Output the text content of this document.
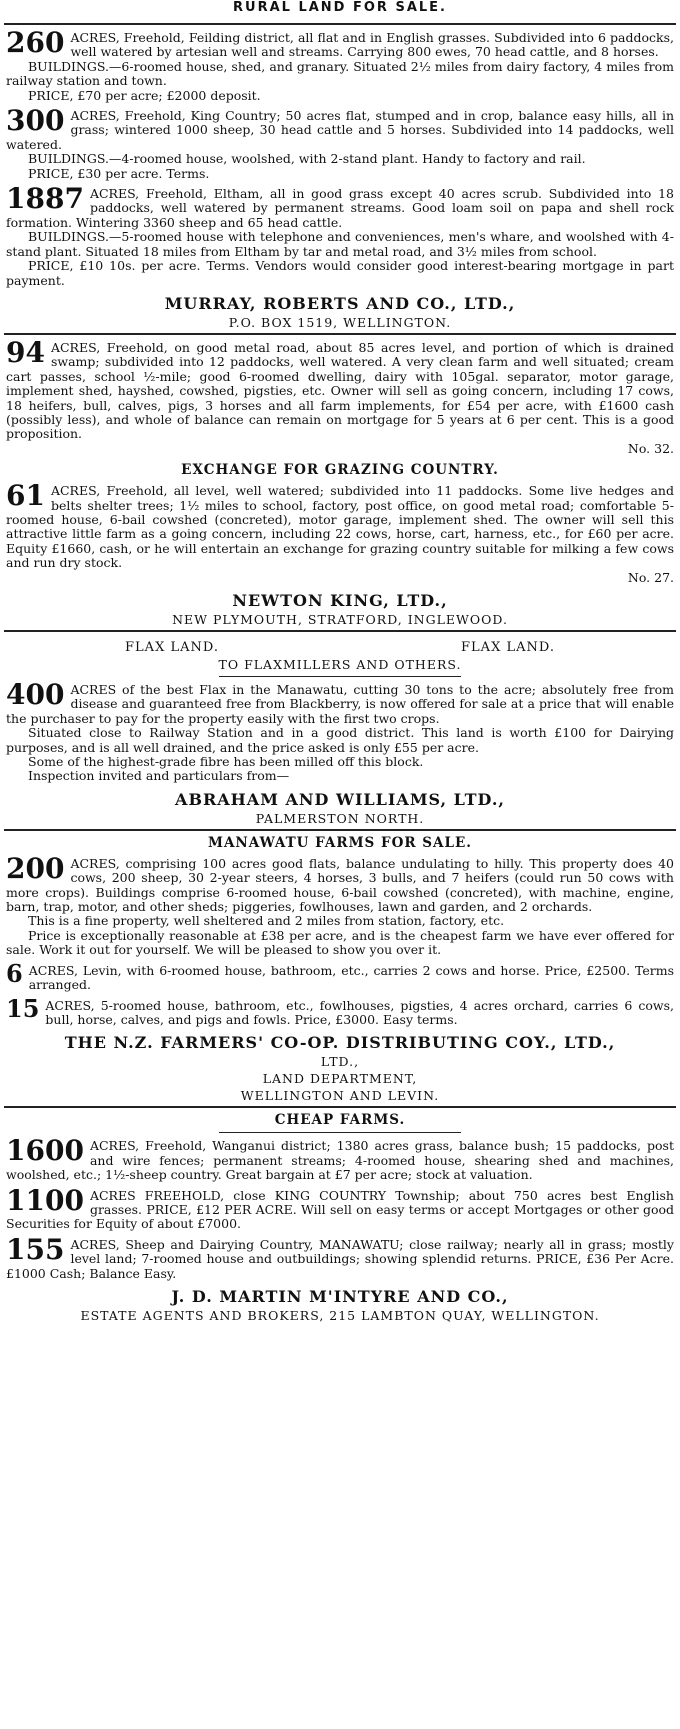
RURAL LAND FOR SALE.
260 ACRES, Freehold, Feilding district, all flat and in English grasses. Subdivided into 6 paddocks, well watered by artesian well and streams. Carrying 800 ewes, 70 head cattle, and 8 horses.
BUILDINGS.—6-roomed house, shed, and granary. Situated 2½ miles from dairy factory, 4 miles from railway station and town.
PRICE, £70 per acre; £2000 deposit.
300 ACRES, Freehold, King Country; 50 acres flat, stumped and in crop, balance easy hills, all in grass; wintered 1000 sheep, 30 head cattle and 5 horses. Subdivided into 14 paddocks, well watered.
BUILDINGS.—4-roomed house, woolshed, with 2-stand plant. Handy to factory and rail.
PRICE, £30 per acre. Terms.
1887 ACRES, Freehold, Eltham, all in good grass except 40 acres scrub. Subdivided into 18 paddocks, well watered by permanent streams. Good loam soil on papa and shell rock formation. Wintering 3360 sheep and 65 head cattle.
BUILDINGS.—5-roomed house with telephone and conveniences, men's whare, and woolshed with 4-stand plant. Situated 18 miles from Eltham by tar and metal road, and 3½ miles from school.
PRICE, £10 10s. per acre. Terms. Vendors would consider good interest-bearing mortgage in part payment.
MURRAY, ROBERTS AND CO., LTD.,
P.O. BOX 1519, WELLINGTON.
94 ACRES, Freehold, on good metal road, about 85 acres level, and portion of which is drained swamp; subdivided into 12 paddocks, well watered. A very clean farm and well situated; cream cart passes, school ½-mile; good 6-roomed dwelling, dairy with 105gal. separator, motor garage, implement shed, hayshed, cowshed, pigsties, etc. Owner will sell as going concern, including 17 cows, 18 heifers, bull, calves, pigs, 3 horses and all farm implements, for £54 per acre, with £1600 cash (possibly less), and whole of balance can remain on mortgage for 5 years at 6 per cent. This is a good proposition.
No. 32.
EXCHANGE FOR GRAZING COUNTRY.
61 ACRES, Freehold, all level, well watered; subdivided into 11 paddocks. Some live hedges and belts shelter trees; 1½ miles to school, factory, post office, on good metal road; comfortable 5-roomed house, 6-bail cowshed (concreted), motor garage, implement shed. The owner will sell this attractive little farm as a going concern, including 22 cows, horse, cart, harness, etc., for £60 per acre. Equity £1660, cash, or he will entertain an exchange for grazing country suitable for milking a few cows and run dry stock.
No. 27.
NEWTON KING, LTD.,
NEW PLYMOUTH, STRATFORD, INGLEWOOD.
FLAX LAND.	FLAX LAND.
TO FLAXMILLERS AND OTHERS.
400 ACRES of the best Flax in the Manawatu, cutting 30 tons to the acre; absolutely free from disease and guaranteed free from Blackberry, is now offered for sale at a price that will enable the purchaser to pay for the property easily with the first two crops.
Situated close to Railway Station and in a good district. This land is worth £100 for Dairying purposes, and is all well drained, and the price asked is only £55 per acre.
Some of the highest-grade fibre has been milled off this block.
Inspection invited and particulars from—
ABRAHAM AND WILLIAMS, LTD.,
PALMERSTON NORTH.
MANAWATU FARMS FOR SALE.
200 ACRES, comprising 100 acres good flats, balance undulating to hilly. This property does 40 cows, 200 sheep, 30 2-year steers, 4 horses, 3 bulls, and 7 heifers (could run 50 cows with more crops). Buildings comprise 6-roomed house, 6-bail cowshed (concreted), with machine, engine, barn, trap, motor, and other sheds; piggeries, fowlhouses, lawn and garden, and 2 orchards.
This is a fine property, well sheltered and 2 miles from station, factory, etc.
Price is exceptionally reasonable at £38 per acre, and is the cheapest farm we have ever offered for sale. Work it out for yourself. We will be pleased to show you over it.
6 ACRES, Levin, with 6-roomed house, bathroom, etc., carries 2 cows and horse. Price, £2500. Terms arranged.
15 ACRES, 5-roomed house, bathroom, etc., fowlhouses, pigsties, 4 acres orchard, carries 6 cows, bull, horse, calves, and pigs and fowls. Price, £3000. Easy terms.
THE N.Z. FARMERS' CO-OP. DISTRIBUTING COY., LTD.,
LTD.,
LAND DEPARTMENT,
WELLINGTON AND LEVIN.
CHEAP FARMS.
1600 ACRES, Freehold, Wanganui district; 1380 acres grass, balance bush; 15 paddocks, post and wire fences; permanent streams; 4-roomed house, shearing shed and machines, woolshed, etc.; 1½-sheep country. Great bargain at £7 per acre; stock at valuation.
1100 ACRES FREEHOLD, close KING COUNTRY Township; about 750 acres best English grasses. PRICE, £12 PER ACRE. Will sell on easy terms or accept Mortgages or other good Securities for Equity of about £7000.
155 ACRES, Sheep and Dairying Country, MANAWATU; close railway; nearly all in grass; mostly level land; 7-roomed house and outbuildings; showing splendid returns. PRICE, £36 Per Acre. £1000 Cash; Balance Easy.
J. D. MARTIN M'INTYRE AND CO.,
ESTATE AGENTS AND BROKERS, 215 LAMBTON QUAY, WELLINGTON.
